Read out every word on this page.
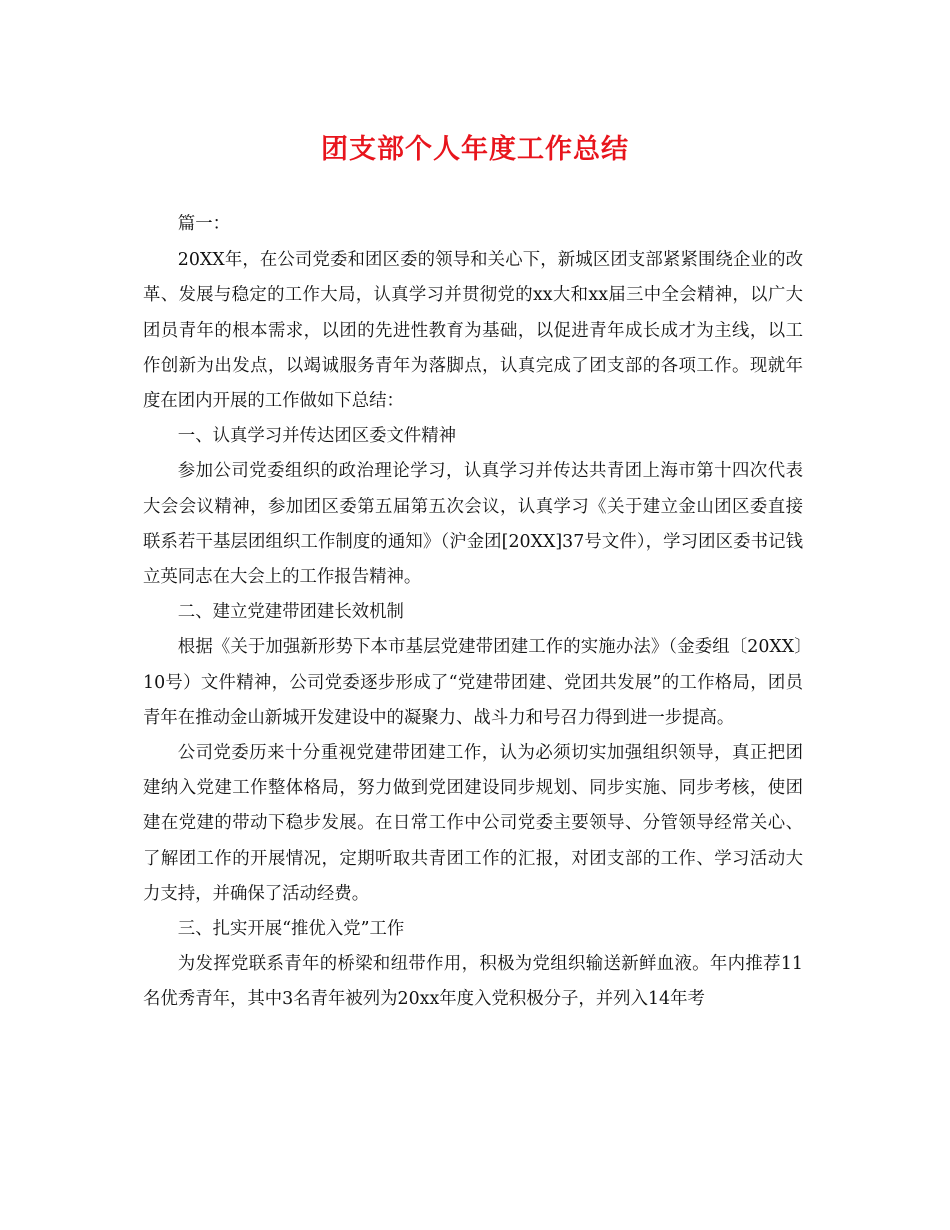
团支部个人年度工作总结

篇一：

20XX年，在公司党委和团区委的领导和关心下，新城区团支部紧紧围绕企业的改革、发展与稳定的工作大局，认真学习并贯彻党的xx大和xx届三中全会精神，以广大团员青年的根本需求，以团的先进性教育为基础，以促进青年成长成才为主线，以工作创新为出发点，以竭诚服务青年为落脚点，认真完成了团支部的各项工作。现就年度在团内开展的工作做如下总结：

一、认真学习并传达团区委文件精神

参加公司党委组织的政治理论学习，认真学习并传达共青团上海市第十四次代表大会会议精神，参加团区委第五届第五次会议，认真学习《关于建立金山团区委直接联系若干基层团组织工作制度的通知》（沪金团[20XX]37号文件），学习团区委书记钱立英同志在大会上的工作报告精神。

二、建立党建带团建长效机制

根据《关于加强新形势下本市基层党建带团建工作的实施办法》（金委组〔20XX〕10号）文件精神，公司党委逐步形成了“党建带团建、党团共发展”的工作格局，团员青年在推动金山新城开发建设中的凝聚力、战斗力和号召力得到进一步提高。

公司党委历来十分重视党建带团建工作，认为必须切实加强组织领导，真正把团建纳入党建工作整体格局，努力做到党团建设同步规划、同步实施、同步考核，使团建在党建的带动下稳步发展。在日常工作中公司党委主要领导、分管领导经常关心、了解团工作的开展情况，定期听取共青团工作的汇报，对团支部的工作、学习活动大力支持，并确保了活动经费。

三、扎实开展“推优入党”工作

为发挥党联系青年的桥梁和纽带作用，积极为党组织输送新鲜血液。年内推荐11名优秀青年，其中3名青年被列为20xx年度入党积极分子，并列入14年考
